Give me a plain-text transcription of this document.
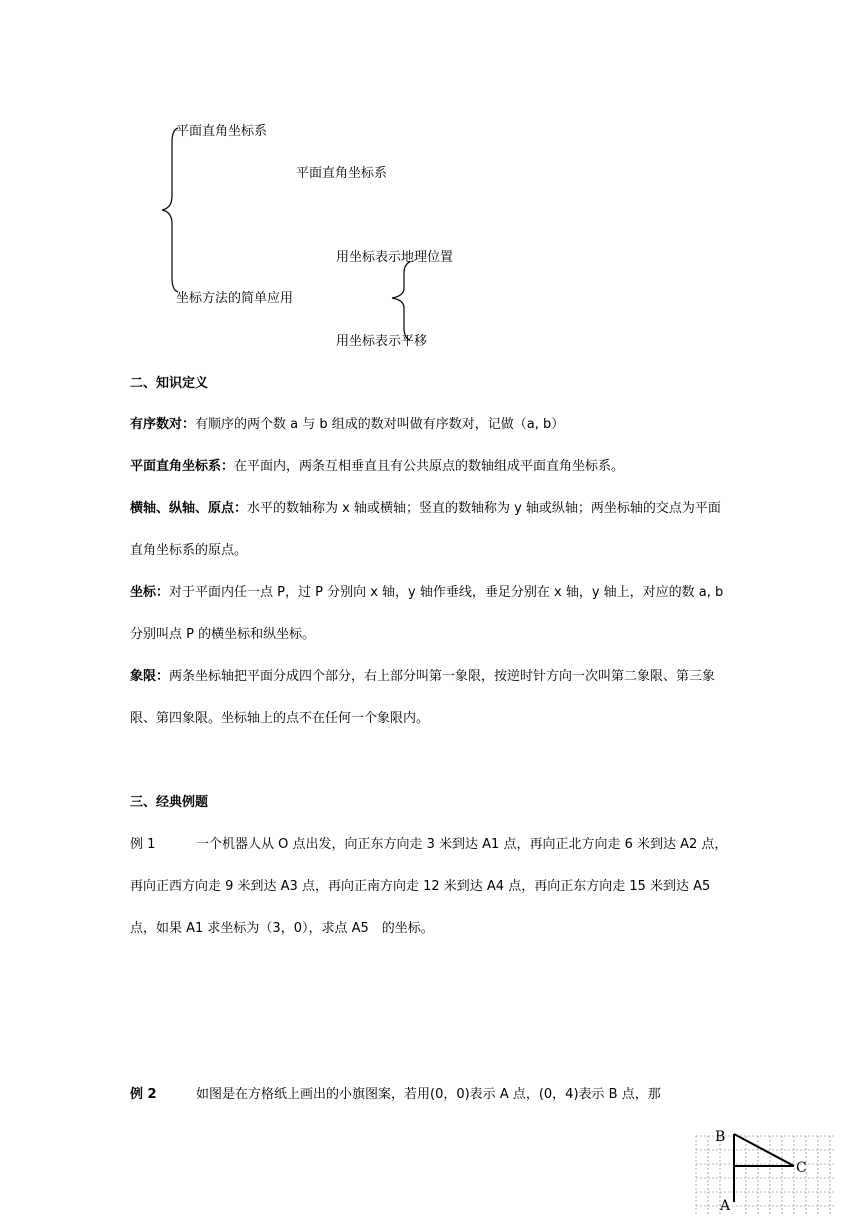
平面直角坐标系
平面直角坐标系
用坐标表示地理位置
坐标方法的简单应用
用坐标表示平移
二、知识定义
有序数对：有顺序的两个数 a 与 b 组成的数对叫做有序数对，记做（a, b）
平面直角坐标系：在平面内，两条互相垂直且有公共原点的数轴组成平面直角坐标系。
横轴、纵轴、原点：水平的数轴称为 x 轴或横轴；竖直的数轴称为 y 轴或纵轴；两坐标轴的交点为平面直角坐标系的原点。
坐标：对于平面内任一点 P，过 P 分别向 x 轴，y 轴作垂线，垂足分别在 x 轴，y 轴上，对应的数 a, b 分别叫点 P 的横坐标和纵坐标。
象限：两条坐标轴把平面分成四个部分，右上部分叫第一象限，按逆时针方向一次叫第二象限、第三象限、第四象限。坐标轴上的点不在任何一个象限内。
三、经典例题
例 1	一个机器人从 O 点出发，向正东方向走 3 米到达 A1 点，再向正北方向走 6 米到达 A2 点，再向正西方向走 9 米到达 A3 点，再向正南方向走 12 米到达 A4 点，再向正东方向走 15 米到达 A5　点，如果 A1 求坐标为（3，0），求点 A5　的坐标。
例 2	如图是在方格纸上画出的小旗图案，若用(0，0)表示 A 点，(0，4)表示 B 点，那
B
C
A
